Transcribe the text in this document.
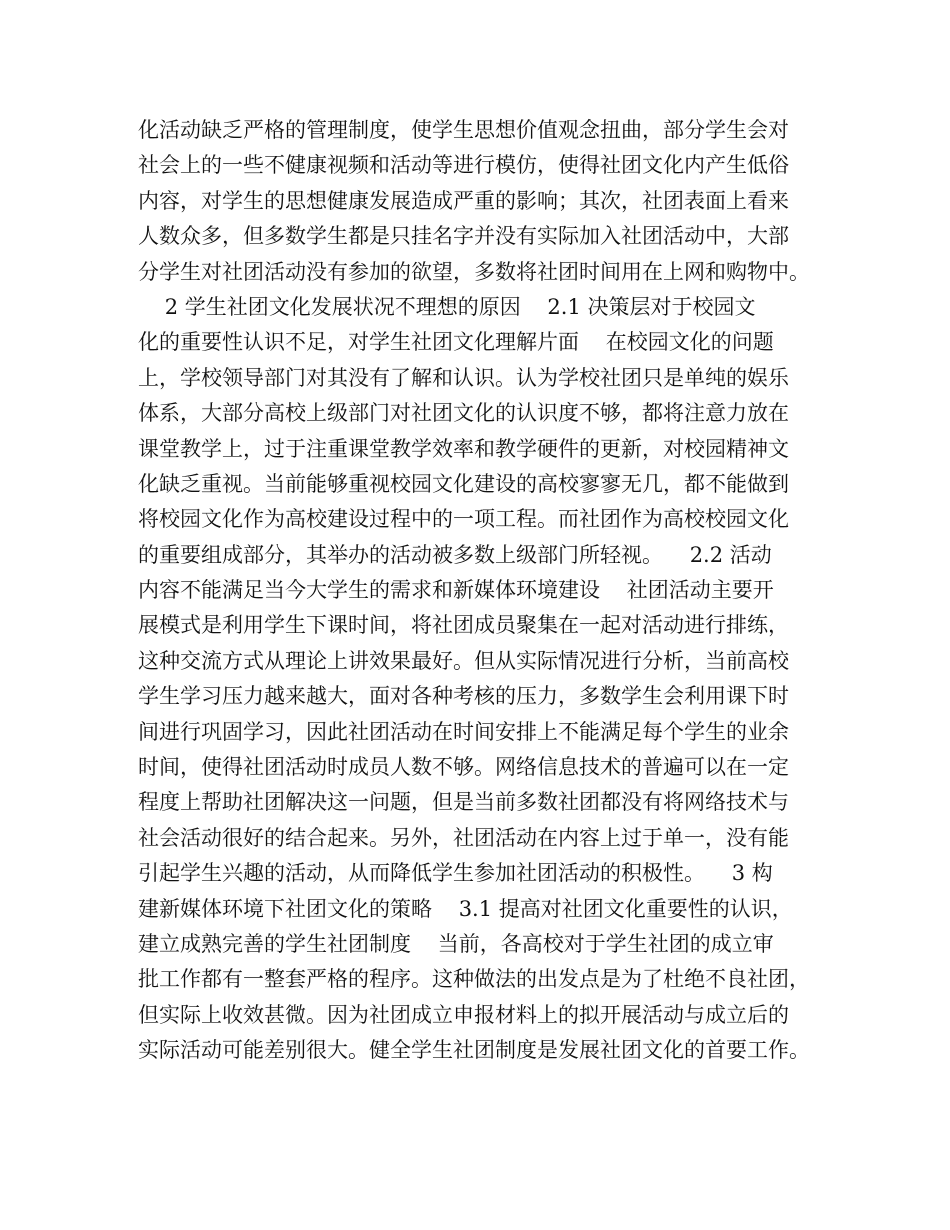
化活动缺乏严格的管理制度，使学生思想价值观念扭曲，部分学生会对
社会上的一些不健康视频和活动等进行模仿，使得社团文化内产生低俗
内容，对学生的思想健康发展造成严重的影响；其次，社团表面上看来
人数众多，但多数学生都是只挂名字并没有实际加入社团活动中，大部
分学生对社团活动没有参加的欲望，多数将社团时间用在上网和购物中。
2 学生社团文化发展状况不理想的原因    2.1 决策层对于校园文
化的重要性认识不足，对学生社团文化理解片面    在校园文化的问题
上，学校领导部门对其没有了解和认识。认为学校社团只是单纯的娱乐
体系，大部分高校上级部门对社团文化的认识度不够，都将注意力放在
课堂教学上，过于注重课堂教学效率和教学硬件的更新，对校园精神文
化缺乏重视。当前能够重视校园文化建设的高校寥寥无几，都不能做到
将校园文化作为高校建设过程中的一项工程。而社团作为高校校园文化
的重要组成部分，其举办的活动被多数上级部门所轻视。    2.2 活动
内容不能满足当今大学生的需求和新媒体环境建设    社团活动主要开
展模式是利用学生下课时间，将社团成员聚集在一起对活动进行排练，
这种交流方式从理论上讲效果最好。但从实际情况进行分析，当前高校
学生学习压力越来越大，面对各种考核的压力，多数学生会利用课下时
间进行巩固学习，因此社团活动在时间安排上不能满足每个学生的业余
时间，使得社团活动时成员人数不够。网络信息技术的普遍可以在一定
程度上帮助社团解决这一问题，但是当前多数社团都没有将网络技术与
社会活动很好的结合起来。另外，社团活动在内容上过于单一，没有能
引起学生兴趣的活动，从而降低学生参加社团活动的积极性。    3 构
建新媒体环境下社团文化的策略    3.1 提高对社团文化重要性的认识，
建立成熟完善的学生社团制度    当前，各高校对于学生社团的成立审
批工作都有一整套严格的程序。这种做法的出发点是为了杜绝不良社团，
但实际上收效甚微。因为社团成立申报材料上的拟开展活动与成立后的
实际活动可能差别很大。健全学生社团制度是发展社团文化的首要工作。
